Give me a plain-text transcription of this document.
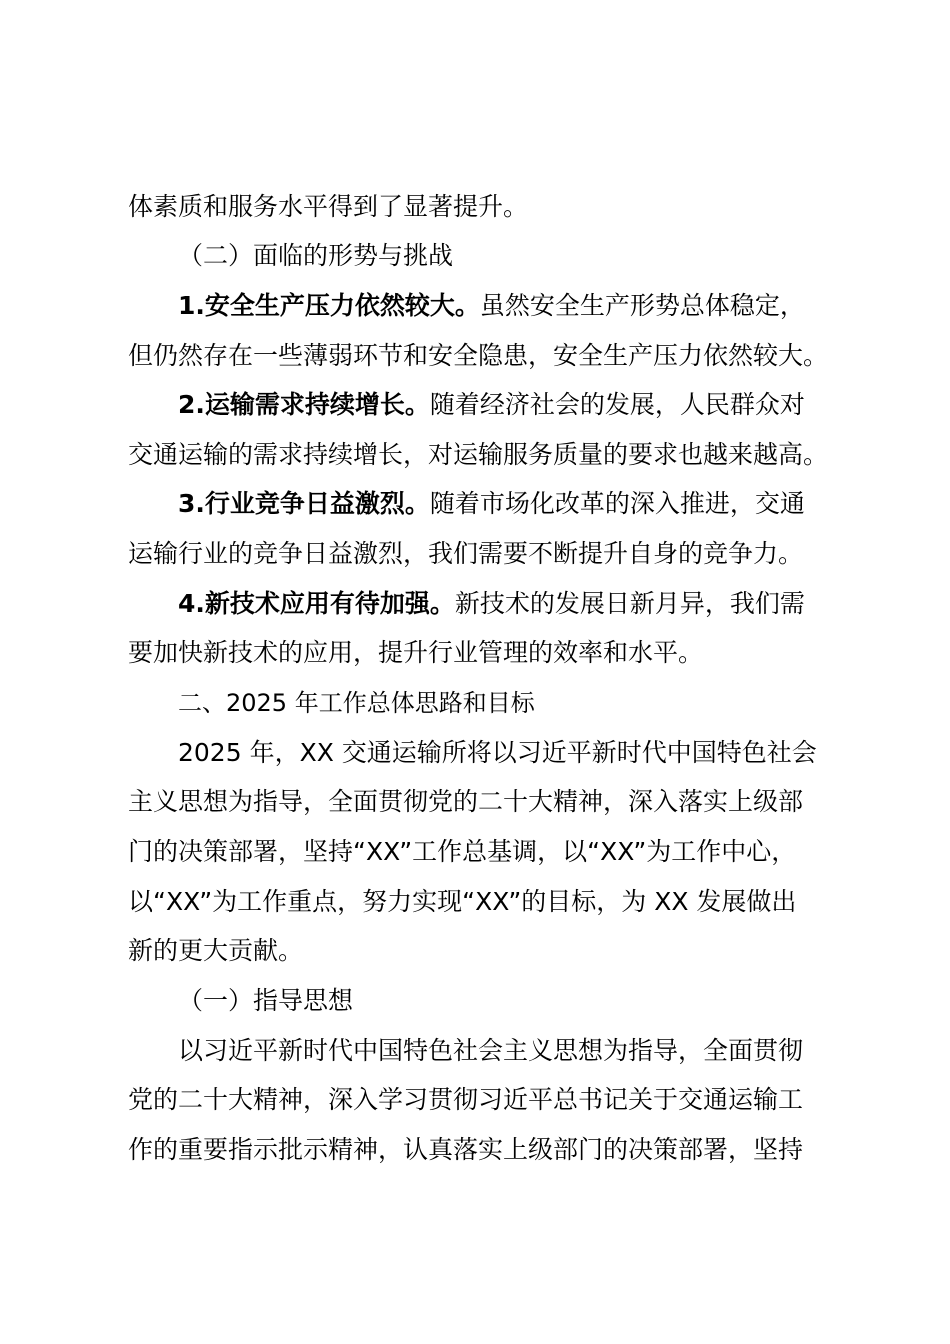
体素质和服务水平得到了显著提升。
（二）面临的形势与挑战
1.安全生产压力依然较大。虽然安全生产形势总体稳定，
但仍然存在一些薄弱环节和安全隐患，安全生产压力依然较大。
2.运输需求持续增长。随着经济社会的发展，人民群众对
交通运输的需求持续增长，对运输服务质量的要求也越来越高。
3.行业竞争日益激烈。随着市场化改革的深入推进，交通
运输行业的竞争日益激烈，我们需要不断提升自身的竞争力。
4.新技术应用有待加强。新技术的发展日新月异，我们需
要加快新技术的应用，提升行业管理的效率和水平。
二、2025 年工作总体思路和目标
2025 年，XX 交通运输所将以习近平新时代中国特色社会
主义思想为指导，全面贯彻党的二十大精神，深入落实上级部
门的决策部署，坚持“XX”工作总基调，以“XX”为工作中心，
以“XX”为工作重点，努力实现“XX”的目标，为 XX 发展做出
新的更大贡献。
（一）指导思想
以习近平新时代中国特色社会主义思想为指导，全面贯彻
党的二十大精神，深入学习贯彻习近平总书记关于交通运输工
作的重要指示批示精神，认真落实上级部门的决策部署，坚持
